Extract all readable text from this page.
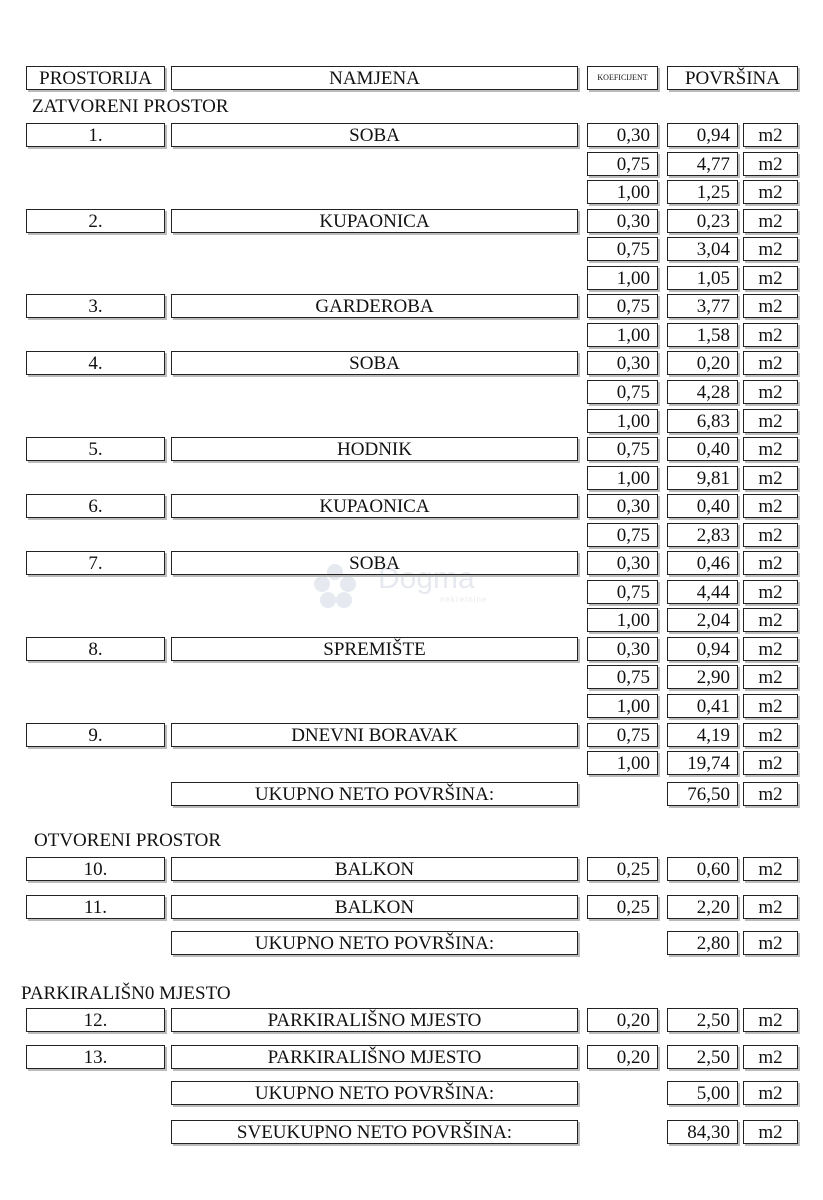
PROSTORIJA	NAMJENA	KOEFICIJENT	POVRŠINA
ZATVORENI PROSTOR
OTVORENI PROSTOR
PARKIRALIŠN0 MJESTO
Dogma
nekretnine
1.	SOBA	0,30	0,94	m2
0,75	4,77	m2
1,00	1,25	m2
2.	KUPAONICA	0,30	0,23	m2
0,75	3,04	m2
1,00	1,05	m2
3.	GARDEROBA	0,75	3,77	m2
1,00	1,58	m2
4.	SOBA	0,30	0,20	m2
0,75	4,28	m2
1,00	6,83	m2
5.	HODNIK	0,75	0,40	m2
1,00	9,81	m2
6.	KUPAONICA	0,30	0,40	m2
0,75	2,83	m2
7.	SOBA	0,30	0,46	m2
0,75	4,44	m2
1,00	2,04	m2
8.	SPREMIŠTE	0,30	0,94	m2
0,75	2,90	m2
1,00	0,41	m2
9.	DNEVNI BORAVAK	0,75	4,19	m2
1,00	19,74	m2
UKUPNO NETO POVRŠINA:	76,50	m2
10.	BALKON	0,25	0,60	m2
11.	BALKON	0,25	2,20	m2
UKUPNO NETO POVRŠINA:	2,80	m2
12.	PARKIRALIŠNO MJESTO	0,20	2,50	m2
13.	PARKIRALIŠNO MJESTO	0,20	2,50	m2
UKUPNO NETO POVRŠINA:	5,00	m2
SVEUKUPNO NETO POVRŠINA:	84,30	m2
